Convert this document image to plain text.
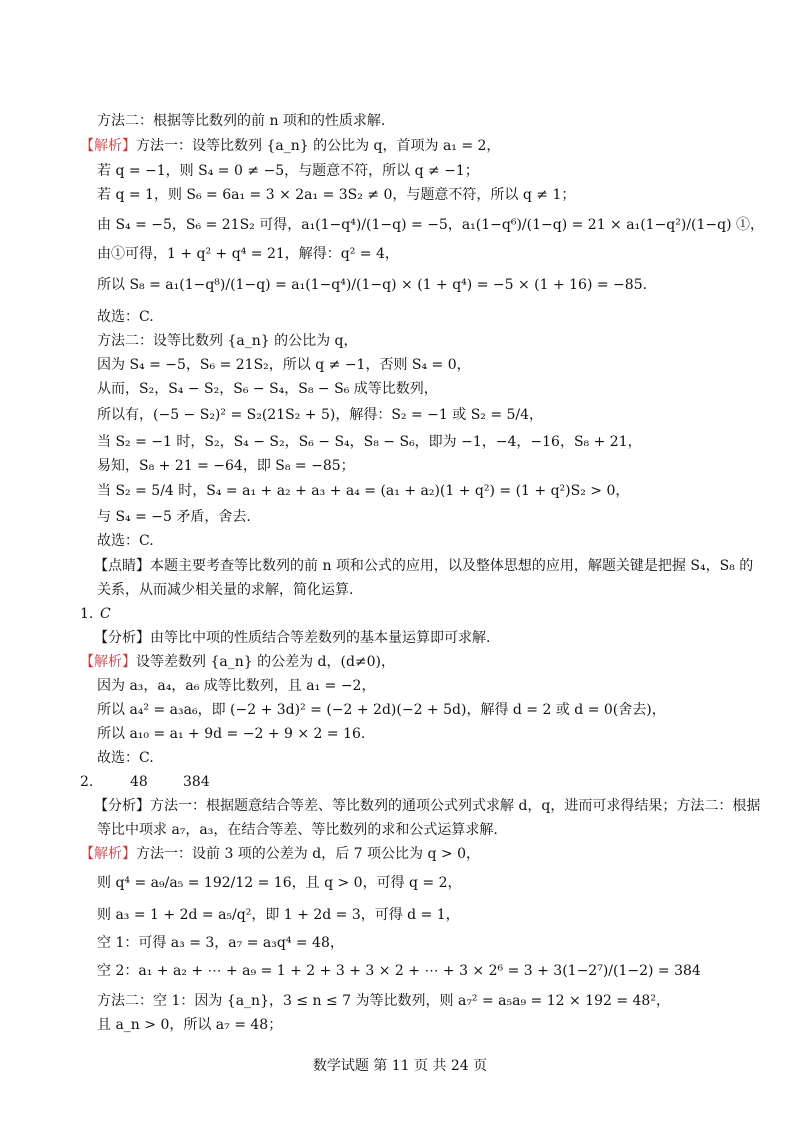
方法二：根据等比数列的前 n 项和的性质求解.
【解析】方法一：设等比数列 {a_n} 的公比为 q，首项为 a₁ = 2，
若 q = −1，则 S₄ = 0 ≠ −5，与题意不符，所以 q ≠ −1；
若 q = 1，则 S₆ = 6a₁ = 3 × 2a₁ = 3S₂ ≠ 0，与题意不符，所以 q ≠ 1；
由 S₄ = −5，S₆ = 21S₂ 可得，a₁(1−q⁴)/(1−q) = −5，a₁(1−q⁶)/(1−q) = 21 × a₁(1−q²)/(1−q) ①，
由①可得，1 + q² + q⁴ = 21，解得：q² = 4，
所以 S₈ = a₁(1−q⁸)/(1−q) = a₁(1−q⁴)/(1−q) × (1 + q⁴) = −5 × (1 + 16) = −85.
故选：C.
方法二：设等比数列 {a_n} 的公比为 q，
因为 S₄ = −5，S₆ = 21S₂，所以 q ≠ −1，否则 S₄ = 0，
从而，S₂，S₄ − S₂，S₆ − S₄，S₈ − S₆ 成等比数列，
所以有，(−5 − S₂)² = S₂(21S₂ + 5)，解得：S₂ = −1 或 S₂ = 5/4，
当 S₂ = −1 时，S₂，S₄ − S₂，S₆ − S₄，S₈ − S₆，即为 −1，−4，−16，S₈ + 21，
易知，S₈ + 21 = −64，即 S₈ = −85；
当 S₂ = 5/4 时，S₄ = a₁ + a₂ + a₃ + a₄ = (a₁ + a₂)(1 + q²) = (1 + q²)S₂ > 0，
与 S₄ = −5 矛盾，舍去.
故选：C.
【点睛】本题主要考查等比数列的前 n 项和公式的应用，以及整体思想的应用，解题关键是把握 S₄，S₈ 的
关系，从而减少相关量的求解，简化运算.
1. C
【分析】由等比中项的性质结合等差数列的基本量运算即可求解.
【解析】设等差数列 {a_n} 的公差为 d，(d≠0)，
因为 a₃，a₄，a₆ 成等比数列，且 a₁ = −2，
所以 a₄² = a₃a₆，即 (−2 + 3d)² = (−2 + 2d)(−2 + 5d)，解得 d = 2 或 d = 0(舍去)，
所以 a₁₀ = a₁ + 9d = −2 + 9 × 2 = 16.
故选：C.
2.	48	384
【分析】方法一：根据题意结合等差、等比数列的通项公式列式求解 d，q，进而可求得结果；方法二：根据
等比中项求 a₇，a₃，在结合等差、等比数列的求和公式运算求解.
【解析】方法一：设前 3 项的公差为 d，后 7 项公比为 q > 0，
则 q⁴ = a₉/a₅ = 192/12 = 16，且 q > 0，可得 q = 2，
则 a₃ = 1 + 2d = a₅/q²，即 1 + 2d = 3，可得 d = 1，
空 1：可得 a₃ = 3，a₇ = a₃q⁴ = 48，
空 2：a₁ + a₂ + ⋯ + a₉ = 1 + 2 + 3 + 3 × 2 + ⋯ + 3 × 2⁶ = 3 + 3(1−2⁷)/(1−2) = 384
方法二：空 1：因为 {a_n}，3 ≤ n ≤ 7 为等比数列，则 a₇² = a₅a₉ = 12 × 192 = 48²，
且 a_n > 0，所以 a₇ = 48；
数学试题 第 11 页 共 24 页
